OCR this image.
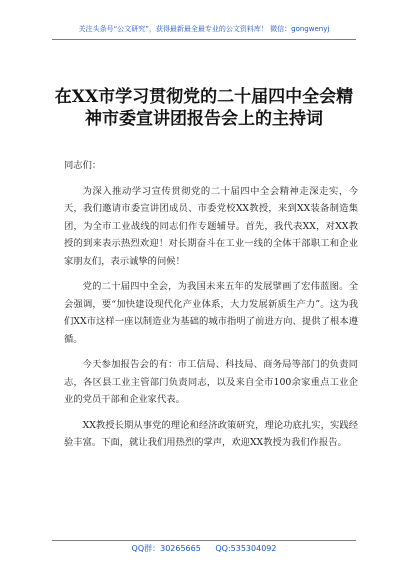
关注头条号“公文研究”，获得最新最全最专业的公文资料库！ 微信：gongwenyj
在XX市学习贯彻党的二十届四中全会精
神市委宣讲团报告会上的主持词

同志们：

为深入推动学习宣传贯彻党的二十届四中全会精神走深走实，今天，我们邀请市委宣讲团成员、市委党校XX教授，来到XX装备制造集团，为全市工业战线的同志们作专题辅导。首先，我代表XX，对XX教授的到来表示热烈欢迎！对长期奋斗在工业一线的全体干部职工和企业家朋友们，表示诚挚的问候！

党的二十届四中全会，为我国未来五年的发展擘画了宏伟蓝图。全会强调，要“加快建设现代化产业体系，大力发展新质生产力”。这为我们XX市这样一座以制造业为基础的城市指明了前进方向、提供了根本遵循。

今天参加报告会的有：市工信局、科技局、商务局等部门的负责同志，各区县工业主管部门负责同志，以及来自全市100余家重点工业企业的党员干部和企业家代表。

XX教授长期从事党的理论和经济政策研究，理论功底扎实，实践经验丰富。下面，就让我们用热烈的掌声，欢迎XX教授为我们作报告。

QQ群：30265665 QQ:535304092
